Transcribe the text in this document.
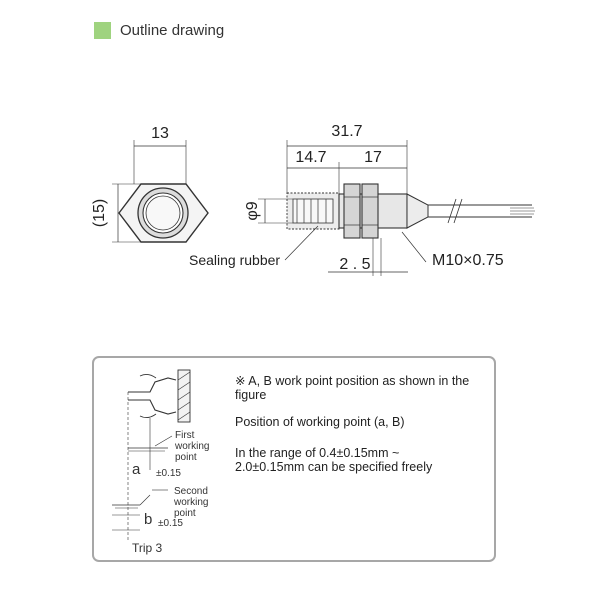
Outline drawing
13
(15)
31.7
14.7 17
φ9
2 . 5	M10×0.75
Sealing rubber
※ A, B work point position as shown in the figure
Position of working point (a, B)
In the range of 0.4±0.15mm ~ 2.0±0.15mm can be specified freely
First working point
a ±0.15
Second working point
b ±0.15
Trip 3
